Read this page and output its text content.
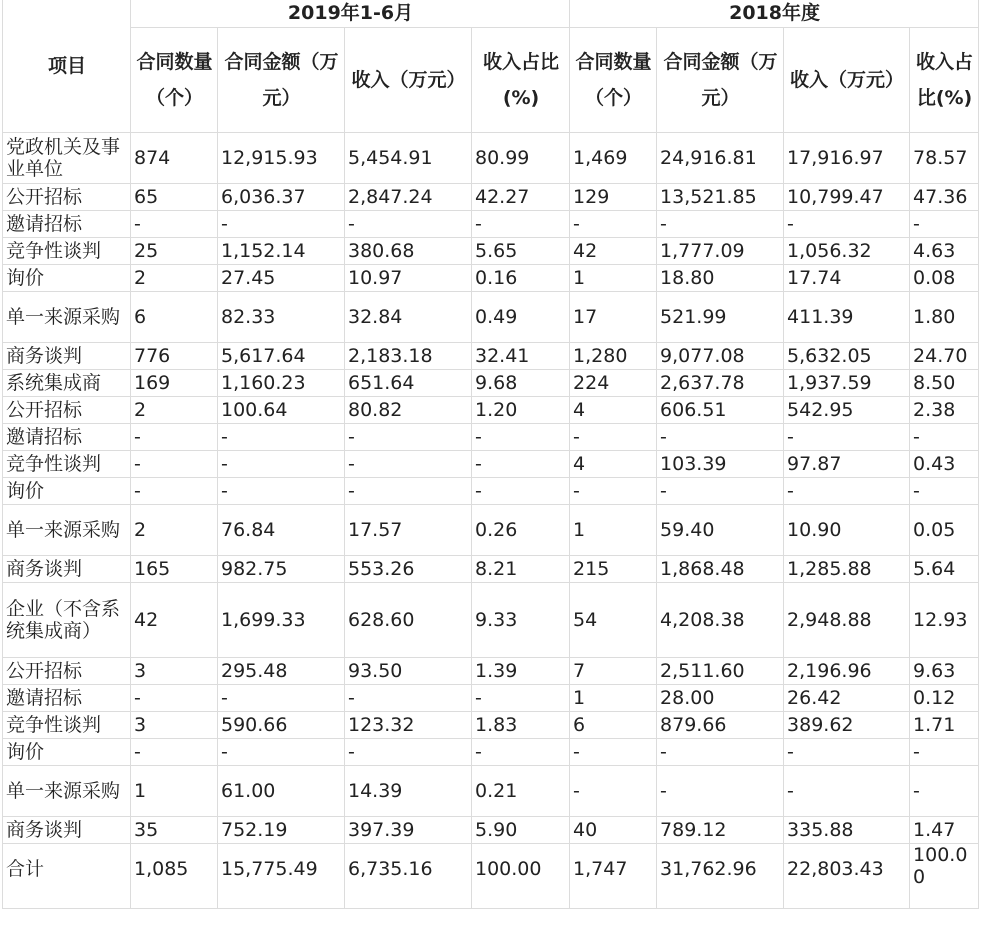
项目	2019年1-6月				2018年度			
	合同数量（个）	合同金额（万元）	收入（万元）	收入占比(%)	合同数量（个）	合同金额（万元）	收入（万元）	收入占比(%)
党政机关及事业单位	874	12,915.93	5,454.91	80.99	1,469	24,916.81	17,916.97	78.57
公开招标	65	6,036.37	2,847.24	42.27	129	13,521.85	10,799.47	47.36
邀请招标	-	-	-	-	-	-	-	-
竞争性谈判	25	1,152.14	380.68	5.65	42	1,777.09	1,056.32	4.63
询价	2	27.45	10.97	0.16	1	18.80	17.74	0.08
单一来源采购	6	82.33	32.84	0.49	17	521.99	411.39	1.80
商务谈判	776	5,617.64	2,183.18	32.41	1,280	9,077.08	5,632.05	24.70
系统集成商	169	1,160.23	651.64	9.68	224	2,637.78	1,937.59	8.50
公开招标	2	100.64	80.82	1.20	4	606.51	542.95	2.38
邀请招标	-	-	-	-	-	-	-	-
竞争性谈判	-	-	-	-	4	103.39	97.87	0.43
询价	-	-	-	-	-	-	-	-
单一来源采购	2	76.84	17.57	0.26	1	59.40	10.90	0.05
商务谈判	165	982.75	553.26	8.21	215	1,868.48	1,285.88	5.64
企业（不含系统集成商）	42	1,699.33	628.60	9.33	54	4,208.38	2,948.88	12.93
公开招标	3	295.48	93.50	1.39	7	2,511.60	2,196.96	9.63
邀请招标	-	-	-	-	1	28.00	26.42	0.12
竞争性谈判	3	590.66	123.32	1.83	6	879.66	389.62	1.71
询价	-	-	-	-	-	-	-	-
单一来源采购	1	61.00	14.39	0.21	-	-	-	-
商务谈判	35	752.19	397.39	5.90	40	789.12	335.88	1.47
合计	1,085	15,775.49	6,735.16	100.00	1,747	31,762.96	22,803.43	100.00
